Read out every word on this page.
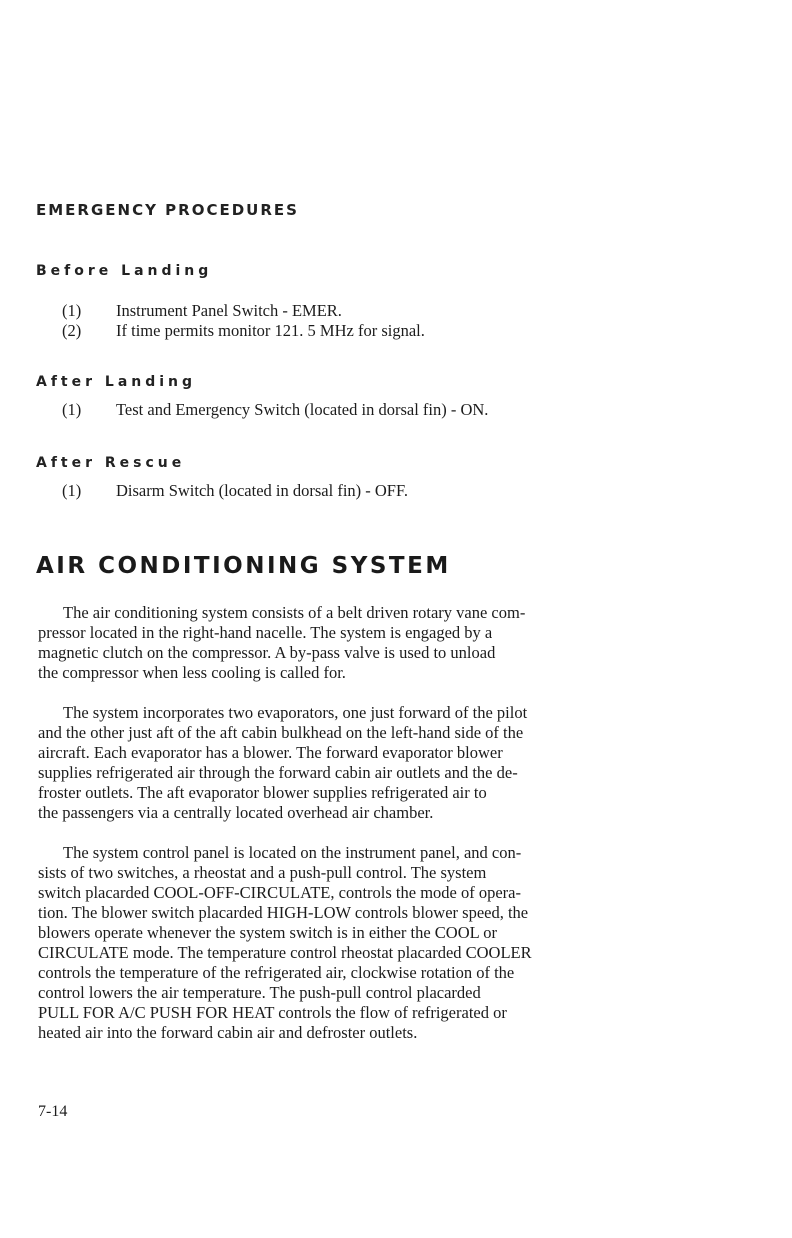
EMERGENCY PROCEDURES
Before Landing
(1) Instrument Panel Switch - EMER.
(2) If time permits monitor 121. 5 MHz for signal.
After Landing
(1) Test and Emergency Switch (located in dorsal fin) - ON.
After Rescue
(1) Disarm Switch (located in dorsal fin) - OFF.
AIR CONDITIONING SYSTEM
The air conditioning system consists of a belt driven rotary vane com-
pressor located in the right-hand nacelle. The system is engaged by a
magnetic clutch on the compressor. A by-pass valve is used to unload
the compressor when less cooling is called for.
The system incorporates two evaporators, one just forward of the pilot
and the other just aft of the aft cabin bulkhead on the left-hand side of the
aircraft. Each evaporator has a blower. The forward evaporator blower
supplies refrigerated air through the forward cabin air outlets and the de-
froster outlets. The aft evaporator blower supplies refrigerated air to
the passengers via a centrally located overhead air chamber.
The system control panel is located on the instrument panel, and con-
sists of two switches, a rheostat and a push-pull control. The system
switch placarded COOL-OFF-CIRCULATE, controls the mode of opera-
tion. The blower switch placarded HIGH-LOW controls blower speed, the
blowers operate whenever the system switch is in either the COOL or
CIRCULATE mode. The temperature control rheostat placarded COOLER
controls the temperature of the refrigerated air, clockwise rotation of the
control lowers the air temperature. The push-pull control placarded
PULL FOR A/C PUSH FOR HEAT controls the flow of refrigerated or
heated air into the forward cabin air and defroster outlets.
7-14
